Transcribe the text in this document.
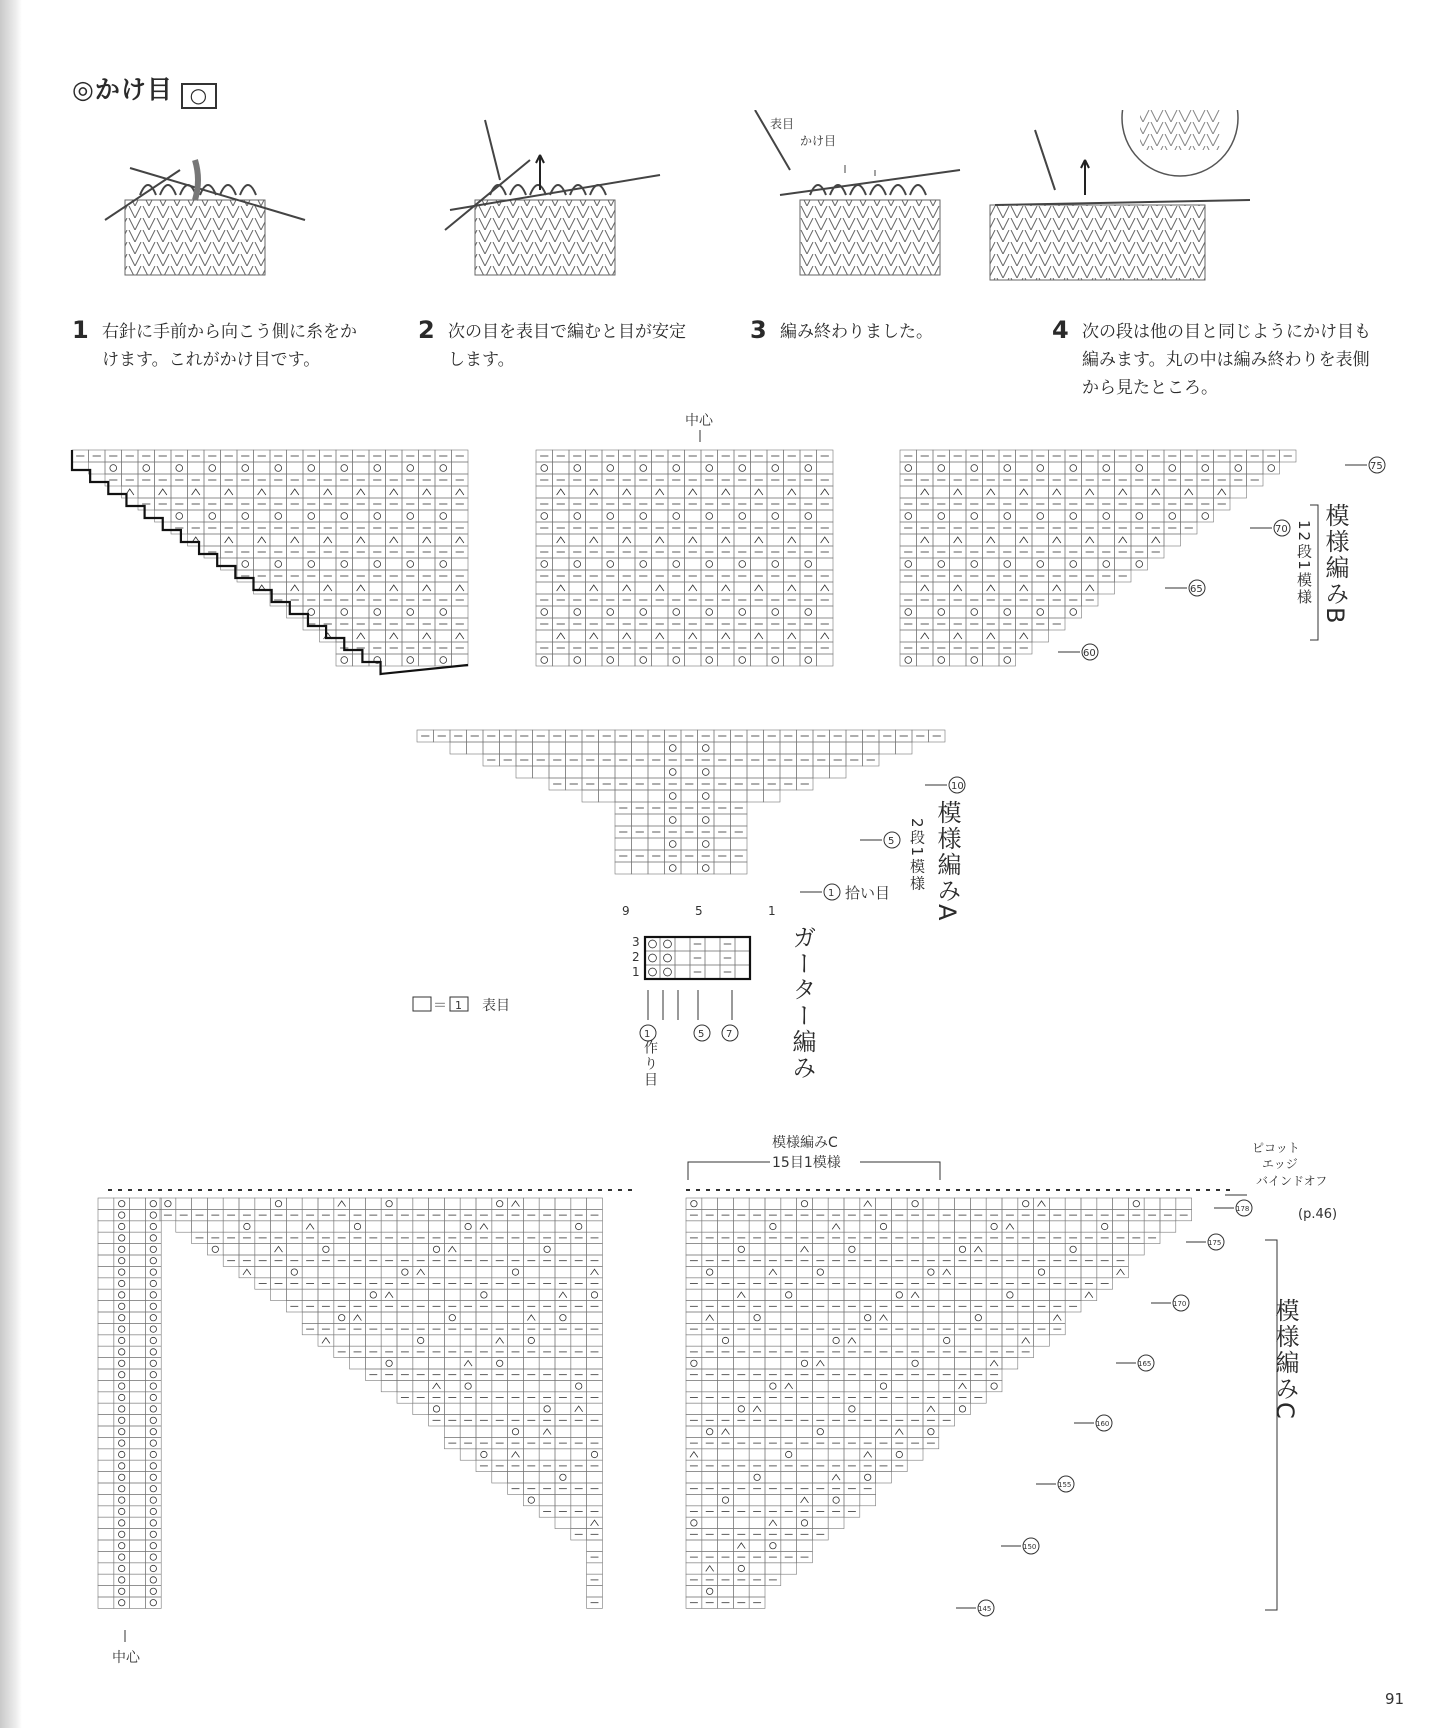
◎かけ目 ○
表目
かけ目
1 右針に手前から向こう側に糸をかけます。これがかけ目です。
2 次の目を表目で編むと目が安定します。
3 編み終わりました。	4 次の段は他の目と同じようにかけ目も編みます。丸の中は編み終わりを表側から見たところ。
中心
75
70
65
60
10
5
1 拾い目
9	5	1
3
2
1
1	5 7
＝ 1 表目
模様編みC
15目1模様
ピコット
エッジ
バインドオフ
(p.46)
中心
178
175
170
165
160
155
150
145
91
模様編みB
12段1模様
模様編みA
2段1模様
ガーター編み
作り目
模様編みC
